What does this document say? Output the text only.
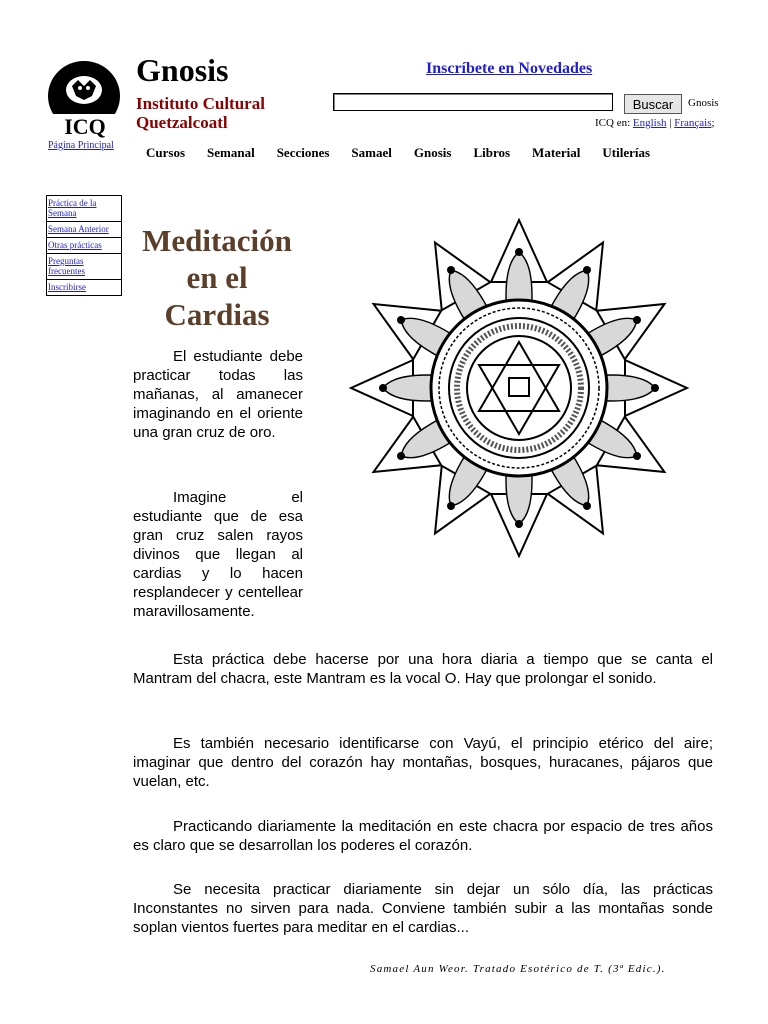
ICQ
Página Principal
Gnosis
Instituto Cultural Quetzalcoatl
Inscríbete en Novedades
Buscar	Gnosis
ICQ en: English | Français;
Cursos Semanal Secciones Samael Gnosis Libros Material Utilerías
Práctica de la Semana
Semana Anterior
Otras prácticas
Preguntas frecuentes
Inscribirse
Meditación en el Cardias
El estudiante debe practicar todas las mañanas, al amanecer imaginando en el oriente una gran cruz de oro.
Imagine el estudiante que de esa gran cruz salen rayos divinos que llegan al cardias y lo hacen resplandecer y centellear maravillosamente.
Esta práctica debe hacerse por una hora diaria a tiempo que se canta el Mantram del chacra, este Mantram es la vocal O. Hay que prolongar el sonido.
Es también necesario identificarse con Vayú, el principio etérico del aire; imaginar que dentro del corazón hay montañas, bosques, huracanes, pájaros que vuelan, etc.
Practicando diariamente la meditación en este chacra por espacio de tres años es claro que se desarrollan los poderes el corazón.
Se necesita practicar diariamente sin dejar un sólo día, las prácticas Inconstantes no sirven para nada. Conviene también subir a las montañas sonde soplan vientos fuertes para meditar en el cardias...
Samael Aun Weor. Tratado Esotérico de T. (3ª Edic.).
